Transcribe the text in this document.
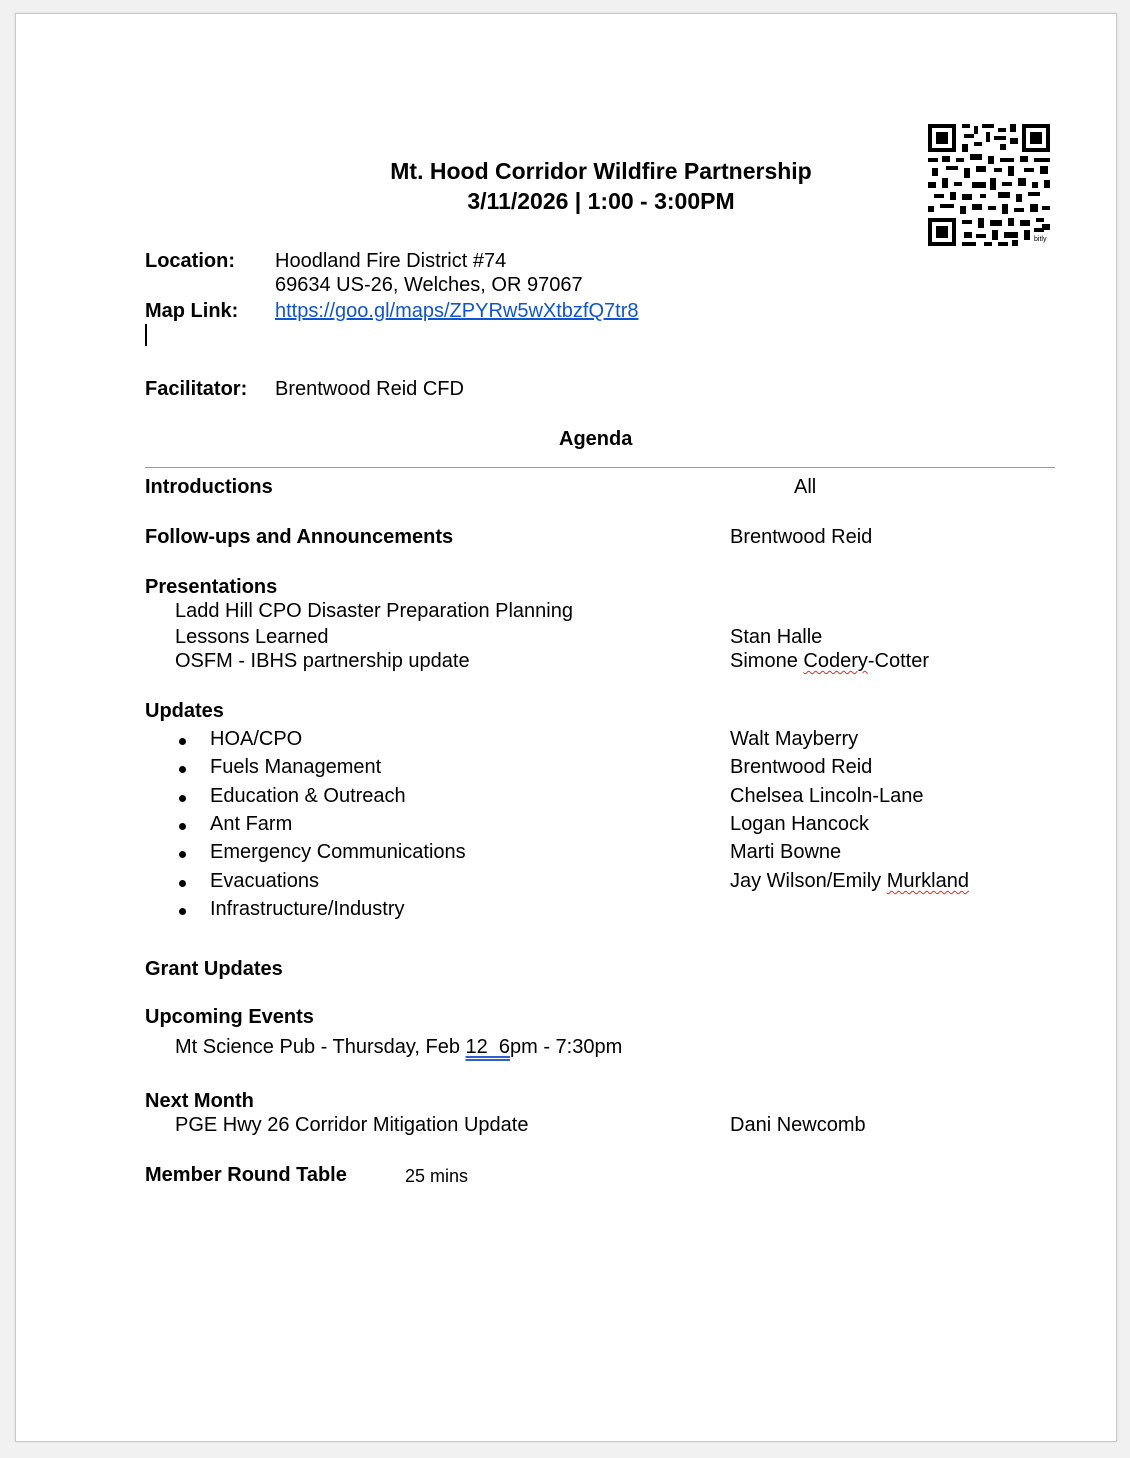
Mt. Hood Corridor Wildfire Partnership
3/11/2026 | 1:00 - 3:00PM
bitly
Location: Hoodland Fire District #74
69634 US-26, Welches, OR 97067
Map Link: https://goo.gl/maps/ZPYRw5wXtbzfQ7tr8
Facilitator: Brentwood Reid CFD
Agenda
Introductions	All
Follow-ups and Announcements	Brentwood Reid
Presentations
Ladd Hill CPO Disaster Preparation Planning
Lessons Learned	Stan Halle
OSFM - IBHS partnership update	Simone Codery-Cotter
Updates
HOA/CPO	Walt Mayberry
Fuels Management	Brentwood Reid
Education & Outreach	Chelsea Lincoln-Lane
Ant Farm	Logan Hancock
Emergency Communications	Marti Bowne
Evacuations	Jay Wilson/Emily Murkland
Infrastructure/Industry
Grant Updates
Upcoming Events
Mt Science Pub - Thursday, Feb 12  6pm - 7:30pm
Next Month
PGE Hwy 26 Corridor Mitigation Update	Dani Newcomb
Member Round Table	25 mins
